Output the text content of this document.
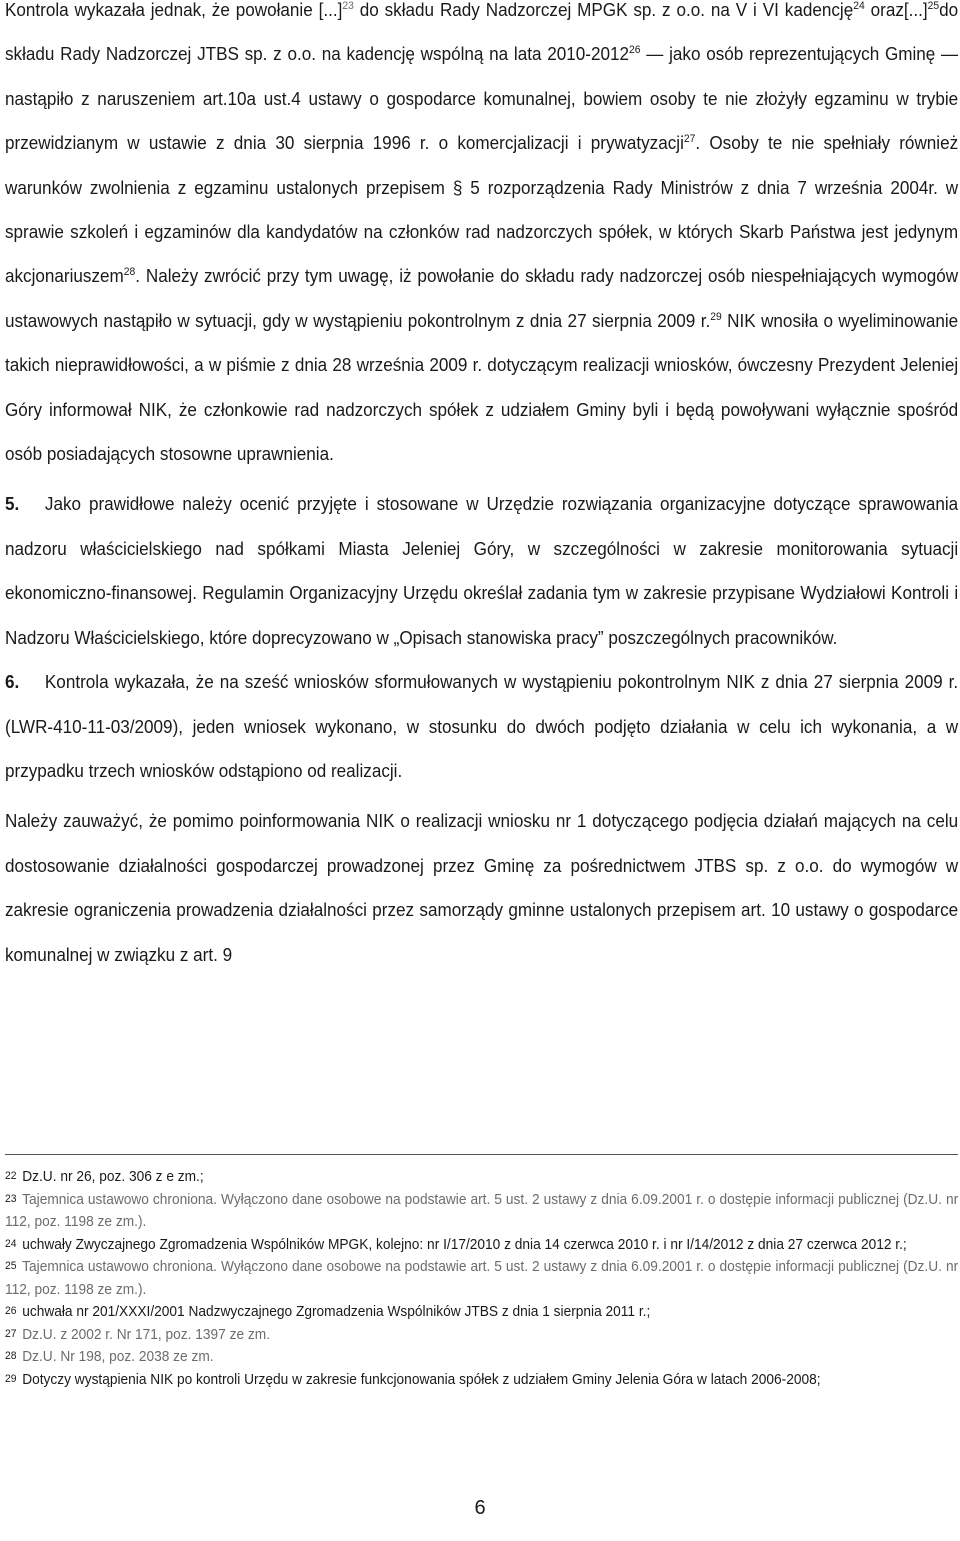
Kontrola wykazała jednak, że powołanie [...]$^{23}$ do składu Rady Nadzorczej MPGK sp. z o.o. na V i VI kadencję$^{24}$ oraz[...]$^{25}$do składu Rady Nadzorczej JTBS sp. z o.o. na kadencję wspólną na lata 2010-2012$^{26}$ — jako osób reprezentujących Gminę — nastąpiło z naruszeniem art.10a ust.4 ustawy o gospodarce komunalnej, bowiem osoby te nie złożyły egzaminu w trybie przewidzianym w ustawie z dnia 30 sierpnia 1996 r. o komercjalizacji i prywatyzacji$^{27}$. Osoby te nie spełniały również warunków zwolnienia z egzaminu ustalonych przepisem § 5 rozporządzenia Rady Ministrów z dnia 7 września 2004r. w sprawie szkoleń i egzaminów dla kandydatów na członków rad nadzorczych spółek, w których Skarb Państwa jest jedynym akcjonariuszem$^{28}$. Należy zwrócić przy tym uwagę, iż powołanie do składu rady nadzorczej osób niespełniających wymogów ustawowych nastąpiło w sytuacji, gdy w wystąpieniu pokontrolnym z dnia 27 sierpnia 2009 r.$^{29}$ NIK wnosiła o wyeliminowanie takich nieprawidłowości, a w piśmie z dnia 28 września 2009 r. dotyczącym realizacji wniosków, ówczesny Prezydent Jeleniej Góry informował NIK, że członkowie rad nadzorczych spółek z udziałem Gminy byli i będą powoływani wyłącznie spośród osób posiadających stosowne uprawnienia.

5.   Jako prawidłowe należy ocenić przyjęte i stosowane w Urzędzie rozwiązania organizacyjne dotyczące sprawowania nadzoru właścicielskiego nad spółkami Miasta Jeleniej Góry, w szczególności w zakresie monitorowania sytuacji ekonomiczno-finansowej. Regulamin Organizacyjny Urzędu określał zadania tym w zakresie przypisane Wydziałowi Kontroli i Nadzoru Właścicielskiego, które doprecyzowano w „Opisach stanowiska pracy” poszczególnych pracowników.

6.   Kontrola wykazała, że na sześć wniosków sformułowanych w wystąpieniu pokontrolnym NIK z dnia 27 sierpnia 2009 r. (LWR-410-11-03/2009), jeden wniosek wykonano, w stosunku do dwóch podjęto działania w celu ich wykonania, a w przypadku trzech wniosków odstąpiono od realizacji.

Należy zauważyć, że pomimo poinformowania NIK o realizacji wniosku nr 1 dotyczącego podjęcia działań mających na celu dostosowanie działalności gospodarczej prowadzonej przez Gminę za pośrednictwem JTBS sp. z o.o. do wymogów w zakresie ograniczenia prowadzenia działalności przez samorządy gminne ustalonych przepisem art. 10 ustawy o gospodarce komunalnej w związku z art. 9

$^{22}$ Dz.U. nr 26, poz. 306 z e zm.;

$^{23}$ Tajemnica ustawowo chroniona. Wyłączono dane osobowe na podstawie art. 5 ust. 2 ustawy z dnia 6.09.2001 r. o dostępie informacji publicznej (Dz.U. nr 112, poz. 1198 ze zm.).

$^{24}$ uchwały Zwyczajnego Zgromadzenia Wspólników MPGK, kolejno: nr I/17/2010 z dnia 14 czerwca 2010 r. i nr I/14/2012 z dnia 27 czerwca 2012 r.;

$^{25}$ Tajemnica ustawowo chroniona. Wyłączono dane osobowe na podstawie art. 5 ust. 2 ustawy z dnia 6.09.2001 r. o dostępie informacji publicznej (Dz.U. nr 112, poz. 1198 ze zm.).

$^{26}$ uchwała nr 201/XXXI/2001 Nadzwyczajnego Zgromadzenia Wspólników JTBS z dnia 1 sierpnia 2011 r.;

$^{27}$ Dz.U. z 2002 r. Nr 171, poz. 1397 ze zm.

$^{28}$ Dz.U. Nr 198, poz. 2038 ze zm.

$^{29}$ Dotyczy wystąpienia NIK po kontroli Urzędu w zakresie funkcjonowania spółek z udziałem Gminy Jelenia Góra w latach 2006-2008;

6
